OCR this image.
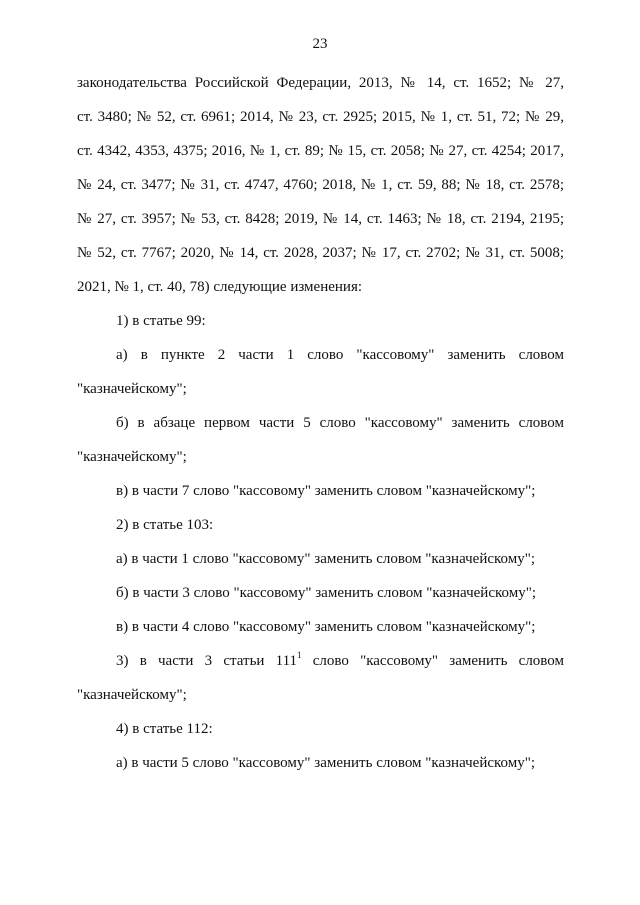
23
законодательства Российской Федерации, 2013, № 14, ст. 1652; № 27,
ст. 3480; № 52, ст. 6961; 2014, № 23, ст. 2925; 2015, № 1, ст. 51, 72; № 29,
ст. 4342, 4353, 4375; 2016, № 1, ст. 89; № 15, ст. 2058; № 27, ст. 4254; 2017,
№ 24, ст. 3477; № 31, ст. 4747, 4760; 2018, № 1, ст. 59, 88; № 18, ст. 2578;
№ 27, ст. 3957; № 53, ст. 8428; 2019, № 14, ст. 1463; № 18, ст. 2194, 2195;
№ 52, ст. 7767; 2020, № 14, ст. 2028, 2037; № 17, ст. 2702; № 31, ст. 5008;
2021, № 1, ст. 40, 78) следующие изменения:
1) в статье 99:
а) в пункте 2 части 1 слово "кассовому" заменить словом
"казначейскому";
б) в абзаце первом части 5 слово "кассовому" заменить словом
"казначейскому";
в) в части 7 слово "кассовому" заменить словом "казначейскому";
2) в статье 103:
а) в части 1 слово "кассовому" заменить словом "казначейскому";
б) в части 3 слово "кассовому" заменить словом "казначейскому";
в) в части 4 слово "кассовому" заменить словом "казначейскому";
3) в части 3 статьи $111^1$ слово "кассовому" заменить словом
"казначейскому";
4) в статье 112:
а) в части 5 слово "кассовому" заменить словом "казначейскому";
